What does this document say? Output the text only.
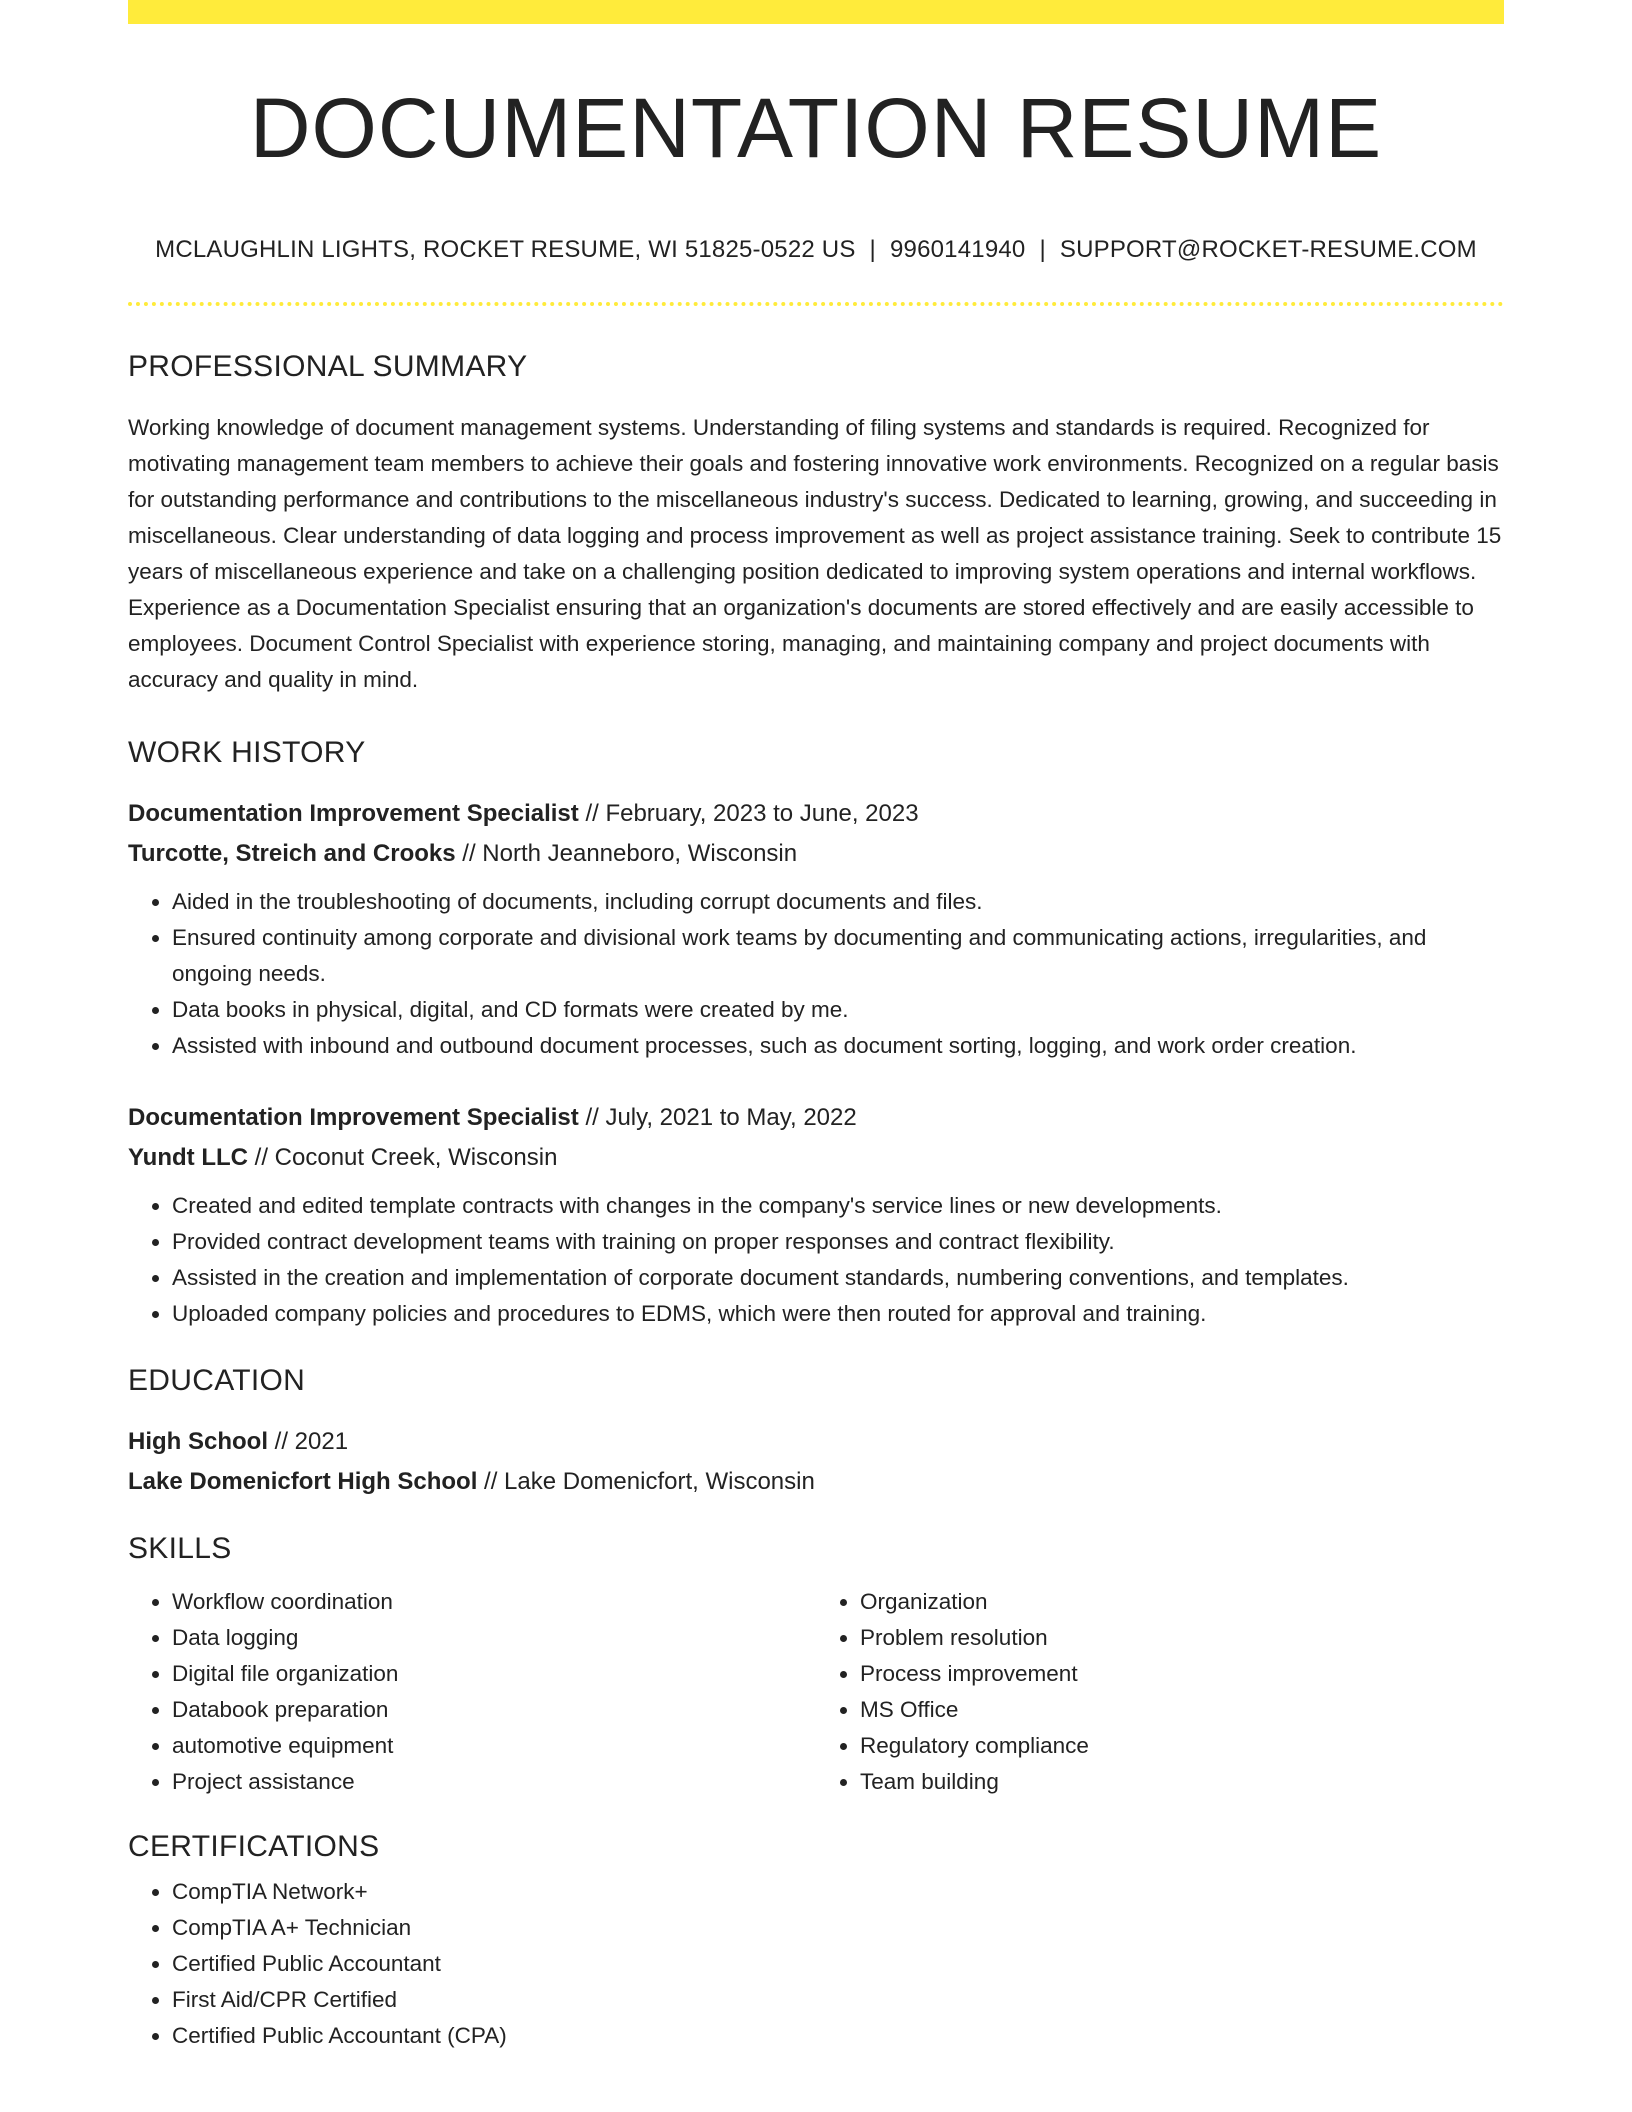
DOCUMENTATION RESUME
MCLAUGHLIN LIGHTS, ROCKET RESUME, WI 51825-0522 US | 9960141940 | SUPPORT@ROCKET-RESUME.COM
PROFESSIONAL SUMMARY
Working knowledge of document management systems. Understanding of filing systems and standards is required. Recognized for motivating management team members to achieve their goals and fostering innovative work environments. Recognized on a regular basis for outstanding performance and contributions to the miscellaneous industry's success. Dedicated to learning, growing, and succeeding in miscellaneous. Clear understanding of data logging and process improvement as well as project assistance training. Seek to contribute 15 years of miscellaneous experience and take on a challenging position dedicated to improving system operations and internal workflows. Experience as a Documentation Specialist ensuring that an organization's documents are stored effectively and are easily accessible to employees. Document Control Specialist with experience storing, managing, and maintaining company and project documents with accuracy and quality in mind.
WORK HISTORY
Documentation Improvement Specialist // February, 2023 to June, 2023
Turcotte, Streich and Crooks // North Jeanneboro, Wisconsin
• Aided in the troubleshooting of documents, including corrupt documents and files.
• Ensured continuity among corporate and divisional work teams by documenting and communicating actions, irregularities, and ongoing needs.
• Data books in physical, digital, and CD formats were created by me.
• Assisted with inbound and outbound document processes, such as document sorting, logging, and work order creation.
Documentation Improvement Specialist // July, 2021 to May, 2022
Yundt LLC // Coconut Creek, Wisconsin
• Created and edited template contracts with changes in the company's service lines or new developments.
• Provided contract development teams with training on proper responses and contract flexibility.
• Assisted in the creation and implementation of corporate document standards, numbering conventions, and templates.
• Uploaded company policies and procedures to EDMS, which were then routed for approval and training.
EDUCATION
High School // 2021
Lake Domenicfort High School // Lake Domenicfort, Wisconsin
SKILLS
• Workflow coordination
• Data logging
• Digital file organization
• Databook preparation
• automotive equipment
• Project assistance
• Organization
• Problem resolution
• Process improvement
• MS Office
• Regulatory compliance
• Team building
CERTIFICATIONS
• CompTIA Network+
• CompTIA A+ Technician
• Certified Public Accountant
• First Aid/CPR Certified
• Certified Public Accountant (CPA)
